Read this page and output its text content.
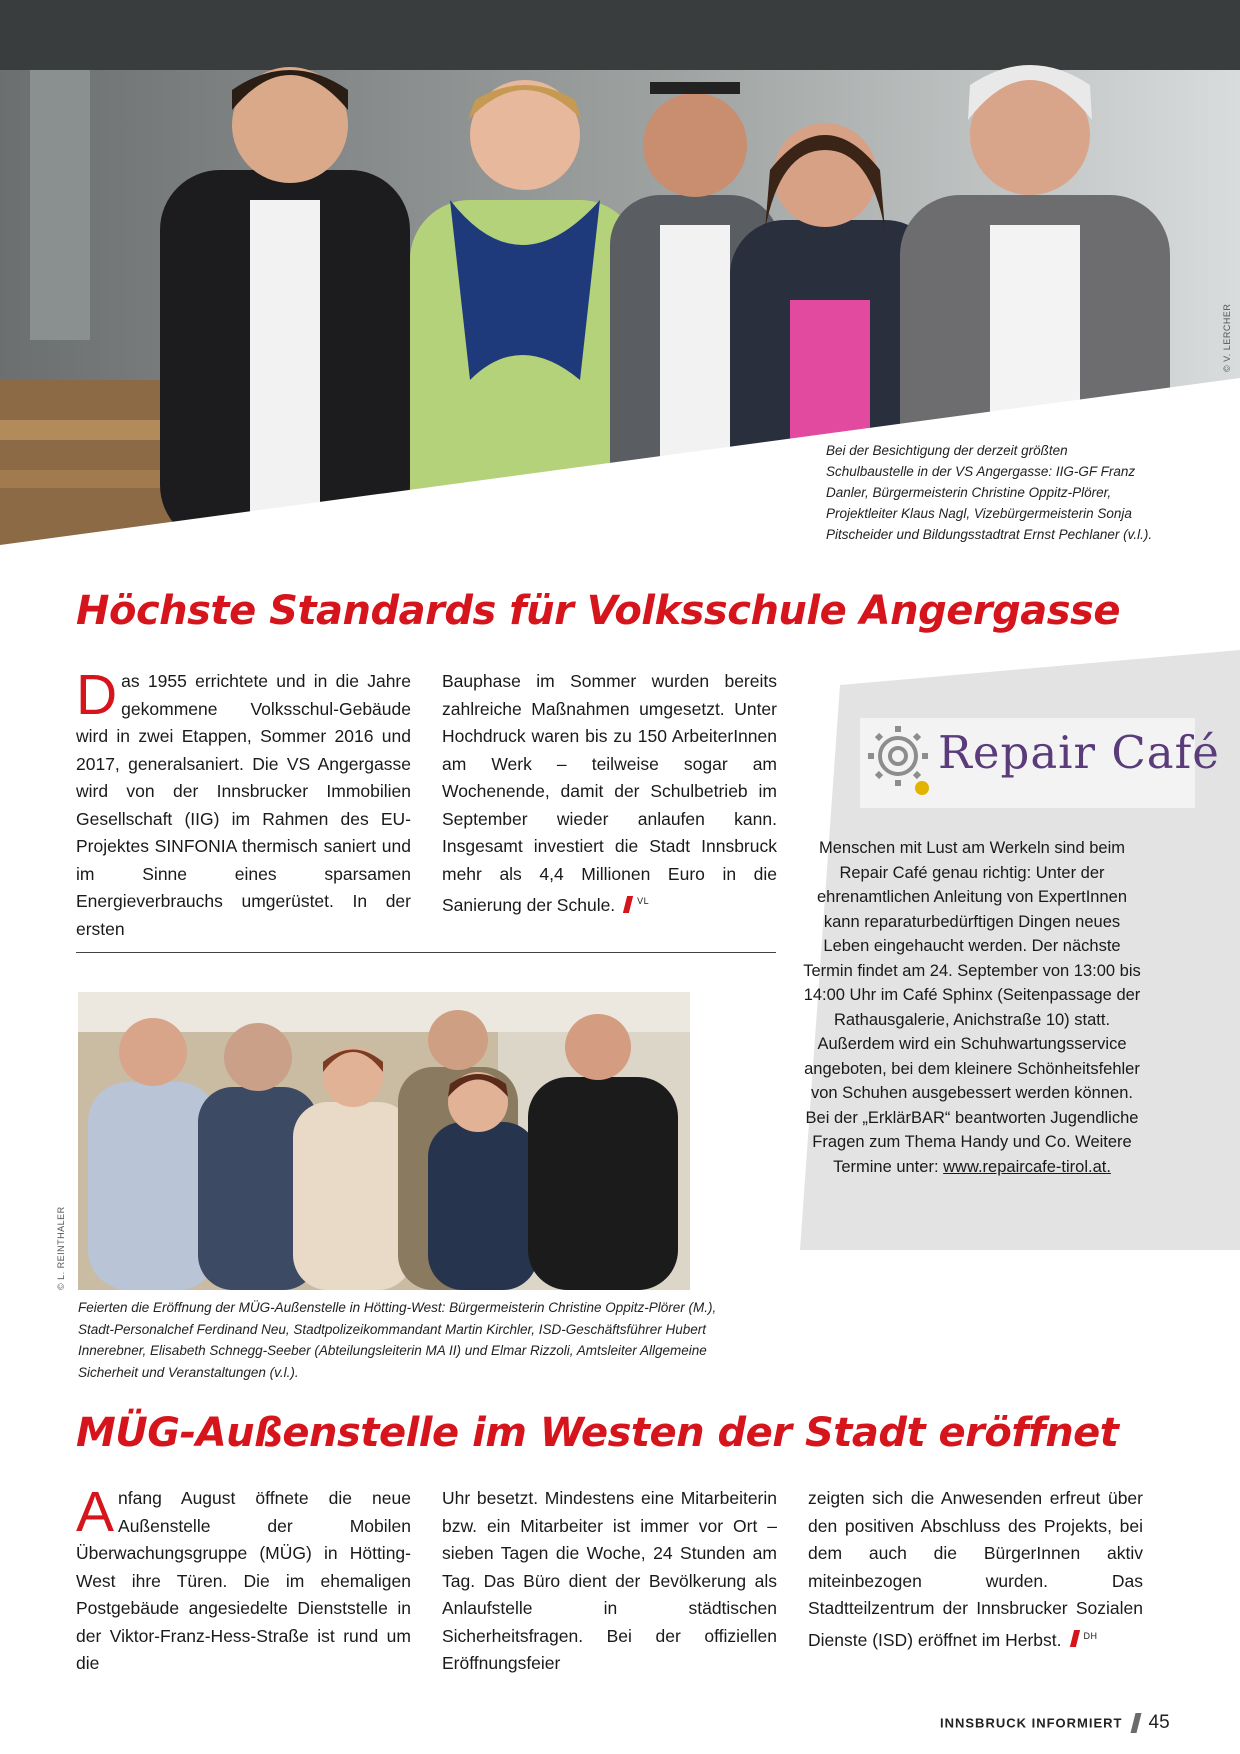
© V. LERCHER
Bei der Besichtigung der derzeit größten Schulbaustelle in der VS Angergasse: IIG-GF Franz Danler, Bürgermeisterin Christine Oppitz-Plörer, Projektleiter Klaus Nagl, Vizebürgermeisterin Sonja Pitscheider und Bildungsstadtrat Ernst Pechlaner (v.l.).
Höchste Standards für Volksschule Angergasse
Das 1955 errichtete und in die Jahre gekommene Volksschul-Gebäude wird in zwei Etappen, Sommer 2016 und 2017, generalsaniert. Die VS Angergasse wird von der Innsbrucker Immobilien Gesellschaft (IIG) im Rahmen des EU-Projektes SINFONIA thermisch saniert und im Sinne eines sparsamen Energieverbrauchs umgerüstet. In der ersten
Bauphase im Sommer wurden bereits zahlreiche Maßnahmen umgesetzt. Unter Hochdruck waren bis zu 150 ArbeiterInnen am Werk – teilweise sogar am Wochenende, damit der Schulbetrieb im September wieder anlaufen kann. Insgesamt investiert die Stadt Innsbruck mehr als 4,4 Millionen Euro in die Sanierung der Schule. $^{VL}$
Repair Café
Menschen mit Lust am Werkeln sind beim Repair Café genau richtig: Unter der ehrenamtlichen Anleitung von ExpertInnen kann reparaturbedürftigen Dingen neues Leben eingehaucht werden. Der nächste Termin findet am 24. September von 13:00 bis 14:00 Uhr im Café Sphinx (Seitenpassage der Rathausgalerie, Anichstraße 10) statt. Außerdem wird ein Schuhwartungsservice angeboten, bei dem kleinere Schönheitsfehler von Schuhen ausgebessert werden können. Bei der „ErklärBAR“ beantworten Jugendliche Fragen zum Thema Handy und Co. Weitere Termine unter: www.repaircafe-tirol.at.
© L. REINTHALER
Feierten die Eröffnung der MÜG-Außenstelle in Hötting-West: Bürgermeisterin Christine Oppitz-Plörer (M.), Stadt-Personalchef Ferdinand Neu, Stadtpolizeikommandant Martin Kirchler, ISD-Geschäftsführer Hubert Innerebner, Elisabeth Schnegg-Seeber (Abteilungsleiterin MA II) und Elmar Rizzoli, Amtsleiter Allgemeine Sicherheit und Veranstaltungen (v.l.).
MÜG-Außenstelle im Westen der Stadt eröffnet
Anfang August öffnete die neue Außenstelle der Mobilen Überwachungsgruppe (MÜG) in Hötting-West ihre Türen. Die im ehemaligen Postgebäude angesiedelte Dienststelle in der Viktor-Franz-Hess-Straße ist rund um die
Uhr besetzt. Mindestens eine Mitarbeiterin bzw. ein Mitarbeiter ist immer vor Ort – sieben Tagen die Woche, 24 Stunden am Tag. Das Büro dient der Bevölkerung als Anlaufstelle in städtischen Sicherheitsfragen. Bei der offiziellen Eröffnungsfeier
zeigten sich die Anwesenden erfreut über den positiven Abschluss des Projekts, bei dem auch die BürgerInnen aktiv miteinbezogen wurden. Das Stadtteilzentrum der Innsbrucker Sozialen Dienste (ISD) eröffnet im Herbst. $^{DH}$
INNSBRUCK INFORMIERT 45
